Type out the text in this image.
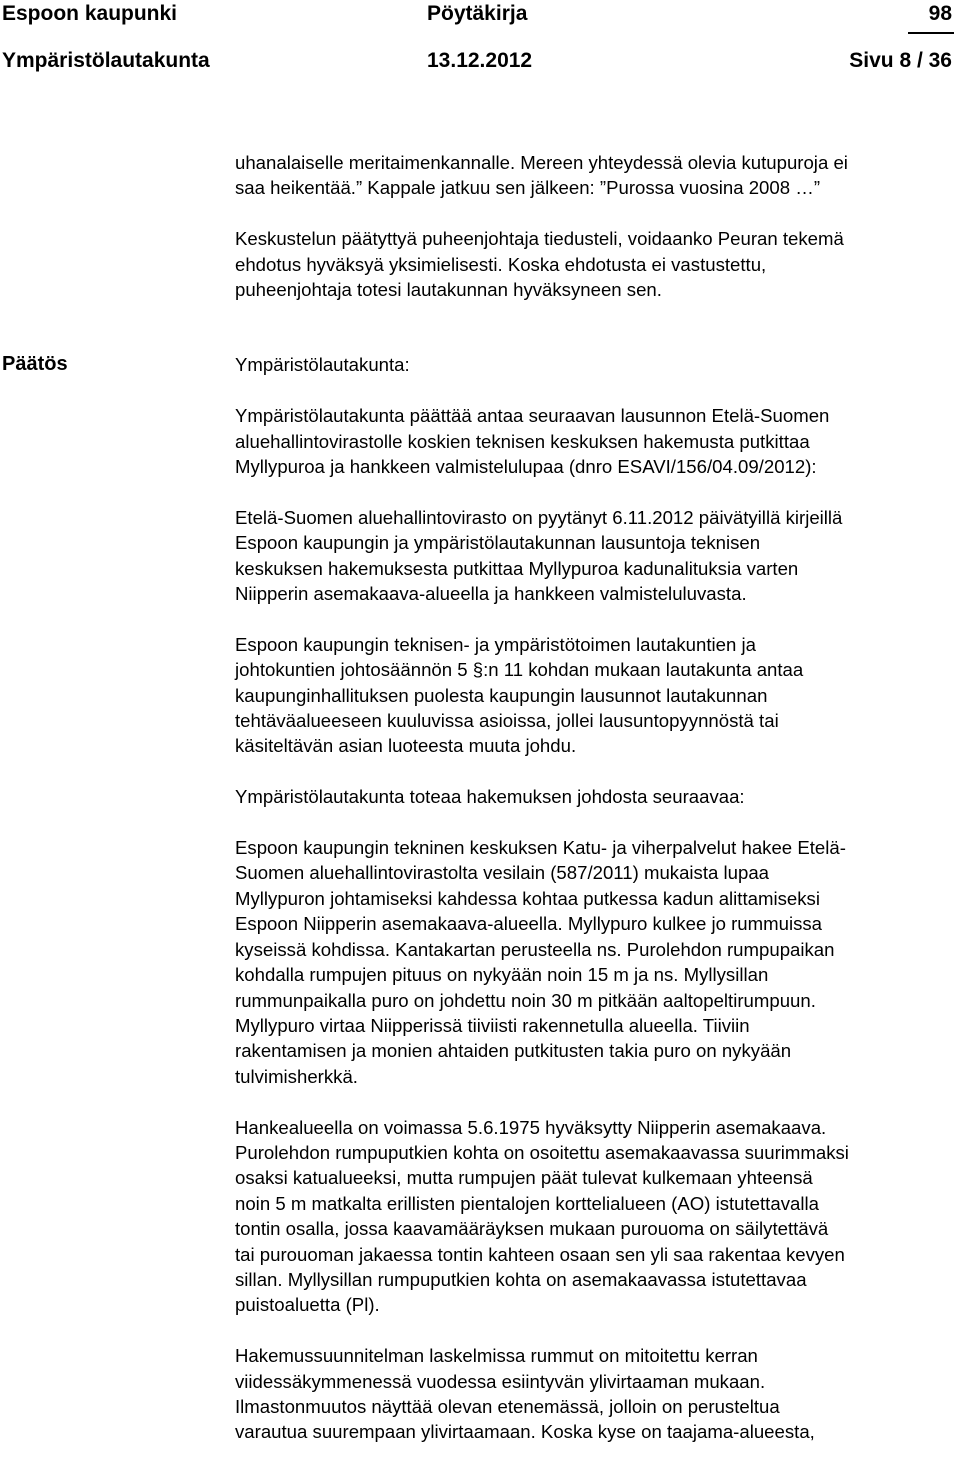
Espoon kaupunki	Pöytäkirja	98
Ympäristölautakunta	13.12.2012	Sivu 8 / 36
Päätös

uhanalaiselle meritaimenkannalle. Mereen yhteydessä olevia kutupuroja ei

saa heikentää.” Kappale jatkuu sen jälkeen: ”Purossa vuosina 2008 …”

Keskustelun päätyttyä puheenjohtaja tiedusteli, voidaanko Peuran tekemä

ehdotus hyväksyä yksimielisesti. Koska ehdotusta ei vastustettu,

puheenjohtaja totesi lautakunnan hyväksyneen sen.

Ympäristölautakunta:

Ympäristölautakunta päättää antaa seuraavan lausunnon Etelä-Suomen

aluehallintovirastolle koskien teknisen keskuksen hakemusta putkittaa

Myllypuroa ja hankkeen valmistelulupaa (dnro ESAVI/156/04.09/2012):

Etelä-Suomen aluehallintovirasto on pyytänyt 6.11.2012 päivätyillä kirjeillä

Espoon kaupungin ja ympäristölautakunnan lausuntoja teknisen

keskuksen hakemuksesta putkittaa Myllypuroa kadunalituksia varten

Niipperin asemakaava-alueella ja hankkeen valmisteluluvasta.

Espoon kaupungin teknisen- ja ympäristötoimen lautakuntien ja

johtokuntien johtosäännön 5 §:n 11 kohdan mukaan lautakunta antaa

kaupunginhallituksen puolesta kaupungin lausunnot lautakunnan

tehtäväalueeseen kuuluvissa asioissa, jollei lausuntopyynnöstä tai

käsiteltävän asian luoteesta muuta johdu.

Ympäristölautakunta toteaa hakemuksen johdosta seuraavaa:

Espoon kaupungin tekninen keskuksen Katu- ja viherpalvelut hakee Etelä-

Suomen aluehallintovirastolta vesilain (587/2011) mukaista lupaa

Myllypuron johtamiseksi kahdessa kohtaa putkessa kadun alittamiseksi

Espoon Niipperin asemakaava-alueella. Myllypuro kulkee jo rummuissa

kyseissä kohdissa. Kantakartan perusteella ns. Purolehdon rumpupaikan

kohdalla rumpujen pituus on nykyään noin 15 m ja ns. Myllysillan

rummunpaikalla puro on johdettu noin 30 m pitkään aaltopeltirumpuun.

Myllypuro virtaa Niipperissä tiiviisti rakennetulla alueella. Tiiviin

rakentamisen ja monien ahtaiden putkitusten takia puro on nykyään

tulvimisherkkä.

Hankealueella on voimassa 5.6.1975 hyväksytty Niipperin asemakaava.

Purolehdon rumpuputkien kohta on osoitettu asemakaavassa suurimmaksi

osaksi katualueeksi, mutta rumpujen päät tulevat kulkemaan yhteensä

noin 5 m matkalta erillisten pientalojen korttelialueen (AO) istutettavalla

tontin osalla, jossa kaavamääräyksen mukaan purouoma on säilytettävä

tai purouoman jakaessa tontin kahteen osaan sen yli saa rakentaa kevyen

sillan. Myllysillan rumpuputkien kohta on asemakaavassa istutettavaa

puistoaluetta (Pl).

Hakemussuunnitelman laskelmissa rummut on mitoitettu kerran

viidessäkymmenessä vuodessa esiintyvän ylivirtaaman mukaan.

Ilmastonmuutos näyttää olevan etenemässä, jolloin on perusteltua

varautua suurempaan ylivirtaamaan. Koska kyse on taajama-alueesta,
